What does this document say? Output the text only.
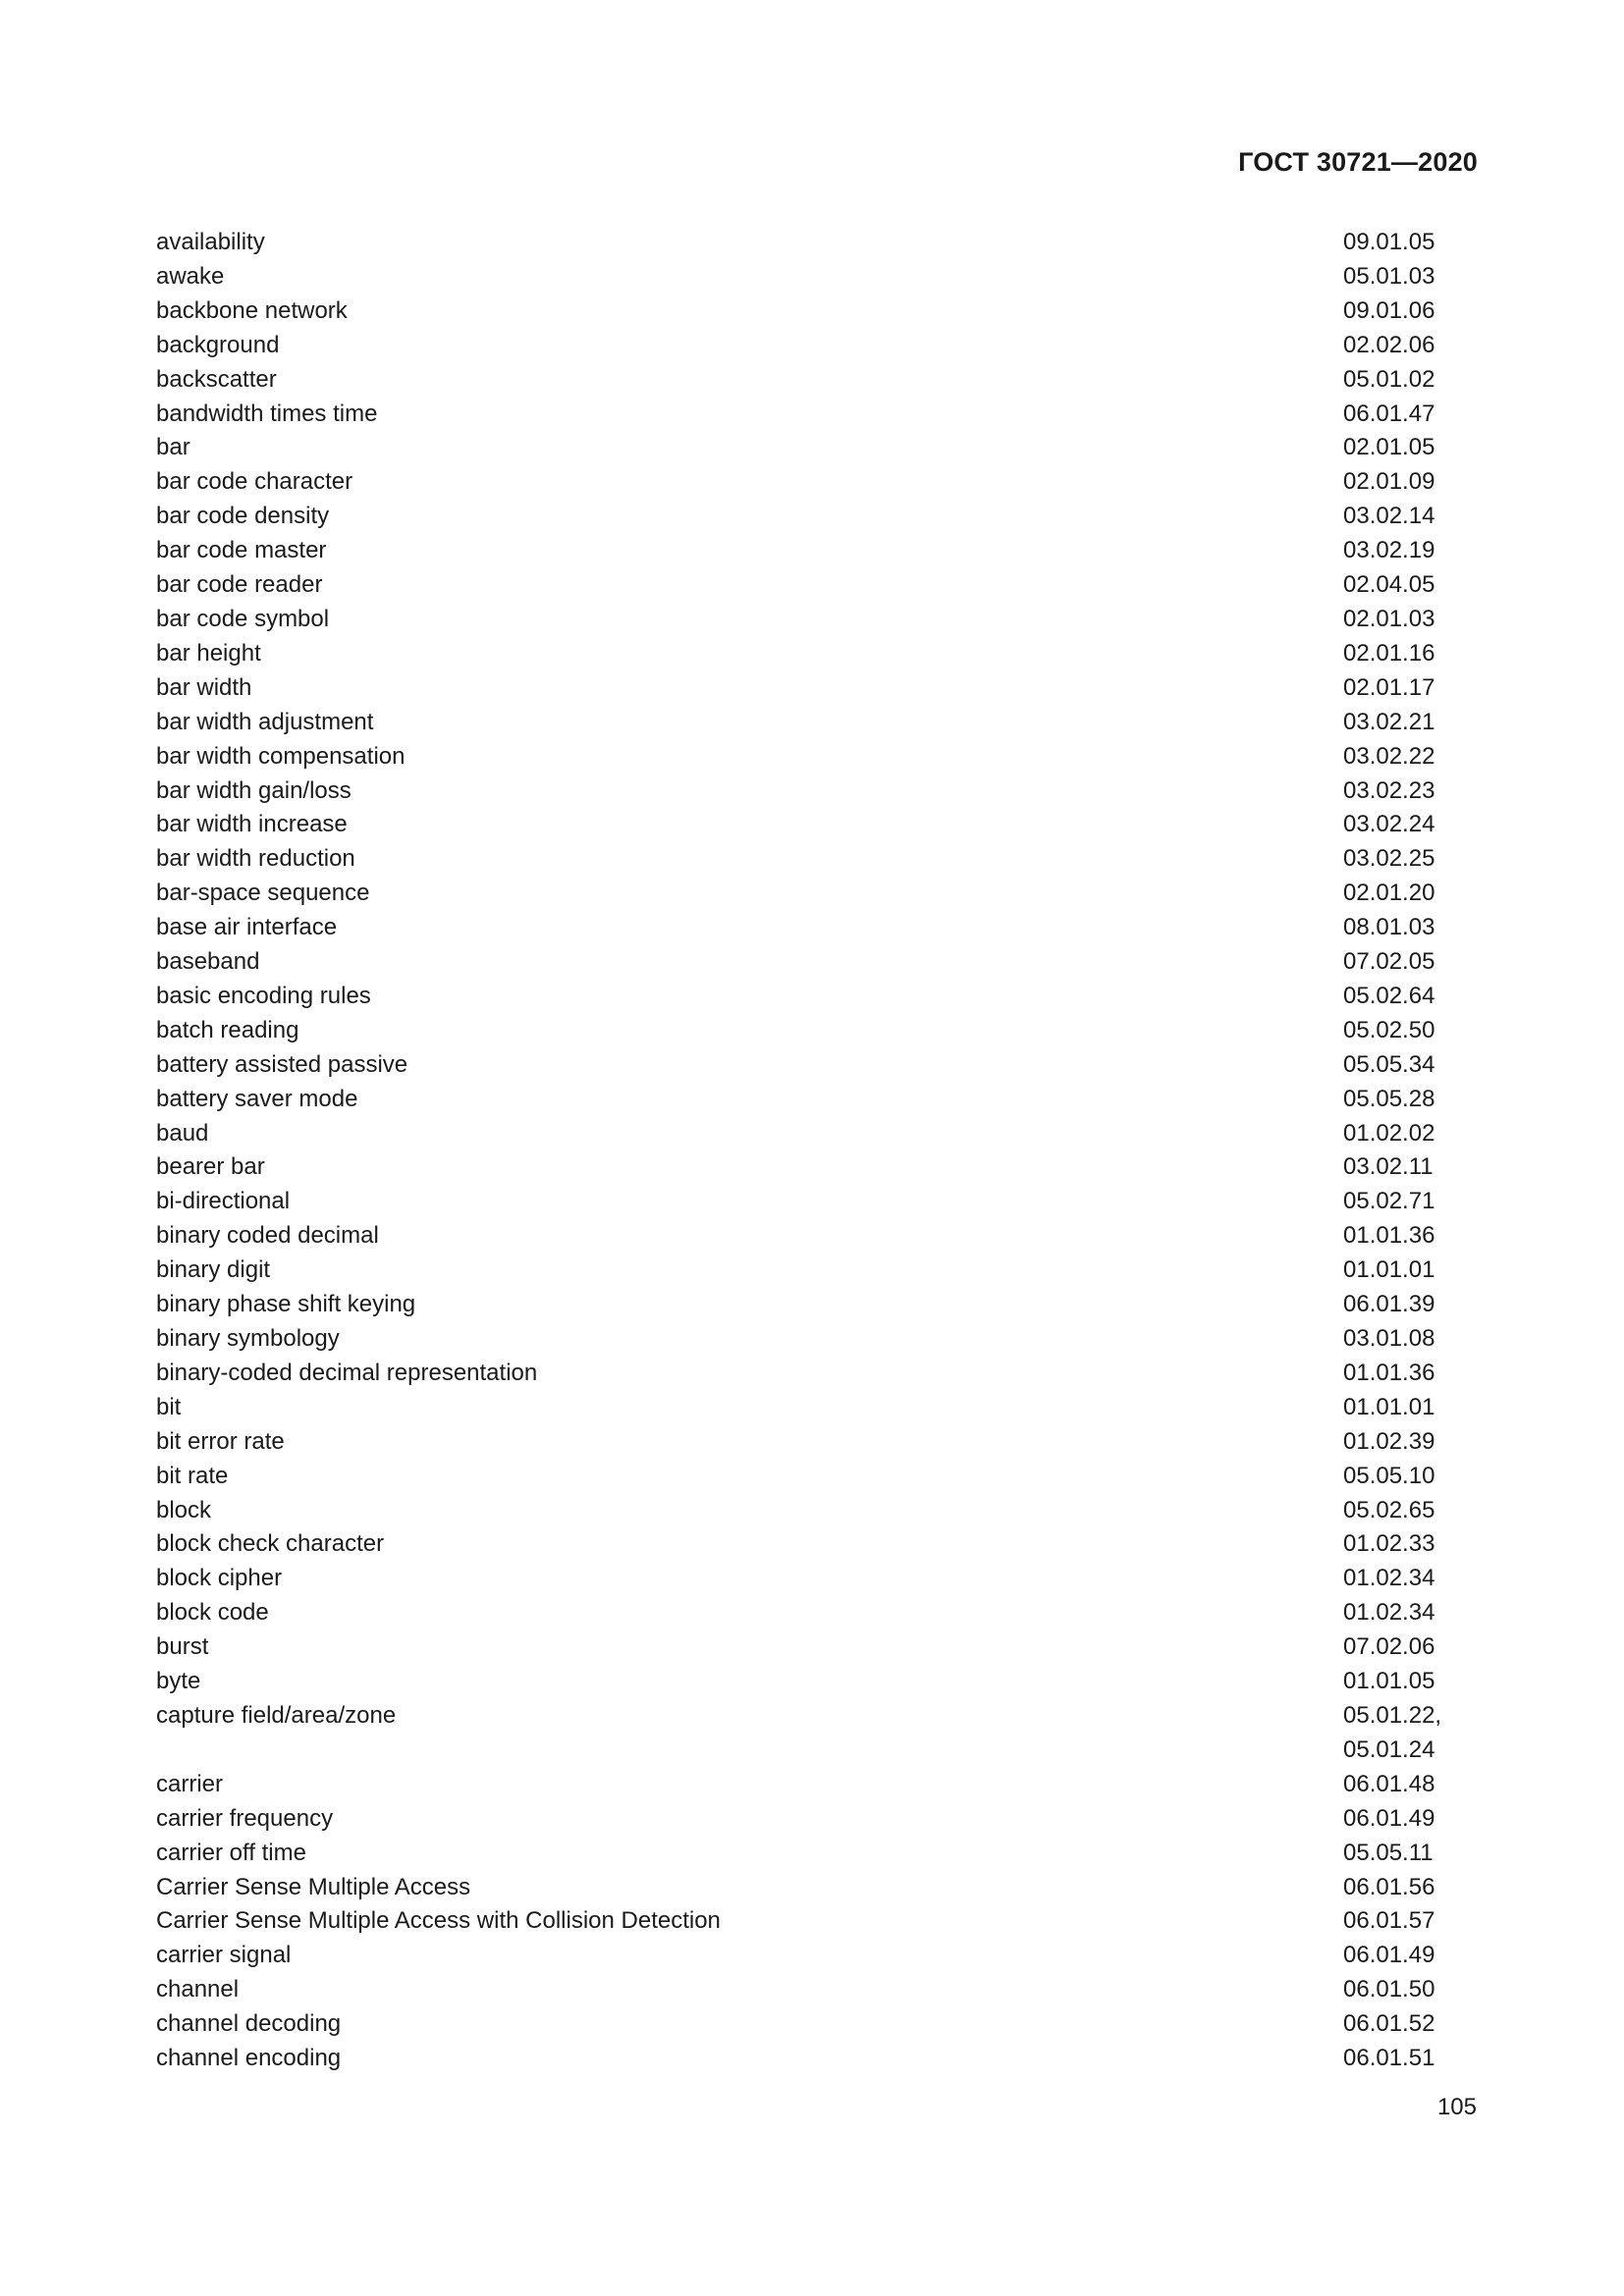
ГОСТ 30721—2020
availability	09.01.05
awake	05.01.03
backbone network	09.01.06
background	02.02.06
backscatter	05.01.02
bandwidth times time	06.01.47
bar	02.01.05
bar code character	02.01.09
bar code density	03.02.14
bar code master	03.02.19
bar code reader	02.04.05
bar code symbol	02.01.03
bar height	02.01.16
bar width	02.01.17
bar width adjustment	03.02.21
bar width compensation	03.02.22
bar width gain/loss	03.02.23
bar width increase	03.02.24
bar width reduction	03.02.25
bar-space sequence	02.01.20
base air interface	08.01.03
baseband	07.02.05
basic encoding rules	05.02.64
batch reading	05.02.50
battery assisted passive	05.05.34
battery saver mode	05.05.28
baud	01.02.02
bearer bar	03.02.11
bi-directional	05.02.71
binary coded decimal	01.01.36
binary digit	01.01.01
binary phase shift keying	06.01.39
binary symbology	03.01.08
binary-coded decimal representation	01.01.36
bit	01.01.01
bit error rate	01.02.39
bit rate	05.05.10
block	05.02.65
block check character	01.02.33
block cipher	01.02.34
block code	01.02.34
burst	07.02.06
byte	01.01.05
capture field/area/zone	05.01.22,
05.01.24
carrier	06.01.48
carrier frequency	06.01.49
carrier off time	05.05.11
Carrier Sense Multiple Access	06.01.56
Carrier Sense Multiple Access with Collision Detection	06.01.57
carrier signal	06.01.49
channel	06.01.50
channel decoding	06.01.52
channel encoding	06.01.51
105
